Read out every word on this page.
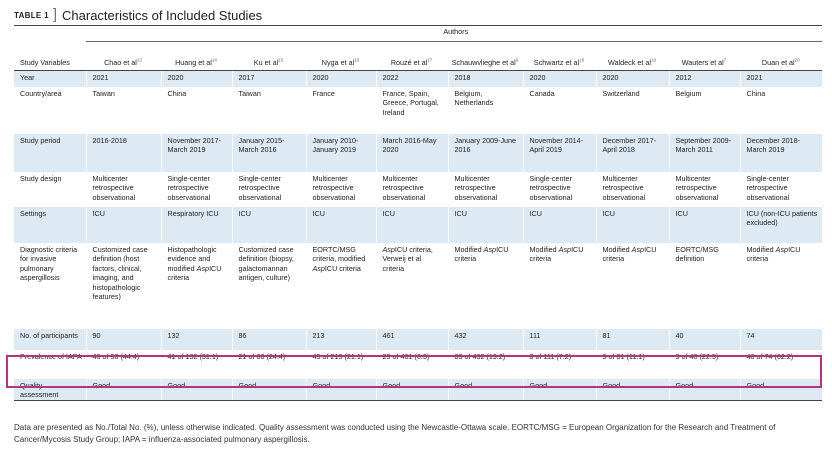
TABLE 1 ] Characteristics of Included Studies
	Authors									
Study Variables	Chao et $al^{13}$	Huang et $al^{14}$	Ku et $al^{15}$	Nyga et $al^{16}$	Rouzé et $al^{17}$	Schauwvlieghe et $al^6$	Schwartz et $al^{18}$	Waldeck et $al^{19}$	Wauters et $al^7$	Duan et $al^{20}$
Year	2021	2020	2017	2020	2022	2018	2020	2020	2012	2021
Country/area	Taiwan	China	Taiwan	France	France, Spain, Greece, Portugal, Ireland	Belgium, Netherlands	Canada	Switzerland	Belgium	China
Study period	2016-2018	November 2017-March 2019	January 2015-March 2016	January 2010-January 2019	March 2016-May 2020	January 2009-June 2016	November 2014-April 2019	December 2017-April 2018	September 2009-March 2011	December 2018-March 2019
Study design	Multicenter retrospective observational	Single-center retrospective observational	Single-center retrospective observational	Multicenter retrospective observational	Multicenter retrospective observational	Multicenter retrospective observational	Single-center retrospective observational	Multicenter retrospective observational	Multicenter retrospective observational	Single-center retrospective observational
Settings	ICU	Respiratory ICU	ICU	ICU	ICU	ICU	ICU	ICU	ICU	ICU (non-ICU patients excluded)
Diagnostic criteria for invasive pulmonary aspergillosis	Customized case definition (host factors, clinical, imaging, and histopathologic features)	Histopathologic evidence and modified AspICU criteria	Customized case definition (biopsy, galactomannan antigen, culture)	EORTC/MSG criteria, modified AspICU criteria	AspICU criteria, Verweij et al criteria	Modified AspICU criteria	Modified AspICU criteria	Modified AspICU criteria	EORTC/MSG definition	Modified AspICU criteria
No. of participants	90	132	86	213	461	432	111	81	40	74
Prevalence of IAPA	40 of 90 (44.4)	41 of 132 (31.1)	21 of 86 (24.4)	45 of 213 (21.1)	29 of 461 (6.3)	83 of 432 (19.2)	8 of 111 (7.2)	9 of 81 (11.1)	9 of 40 (22.5)	46 of 74 (62.2)
Quality assessment	Good	Good	Good	Good	Good	Good	Good	Good	Good	Good
Data are presented as No./Total No. (%), unless otherwise indicated. Quality assessment was conducted using the Newcastle-Ottawa scale. EORTC/MSG = European Organization for the Research and Treatment of Cancer/Mycosis Study Group; IAPA = influenza-associated pulmonary aspergillosis.
